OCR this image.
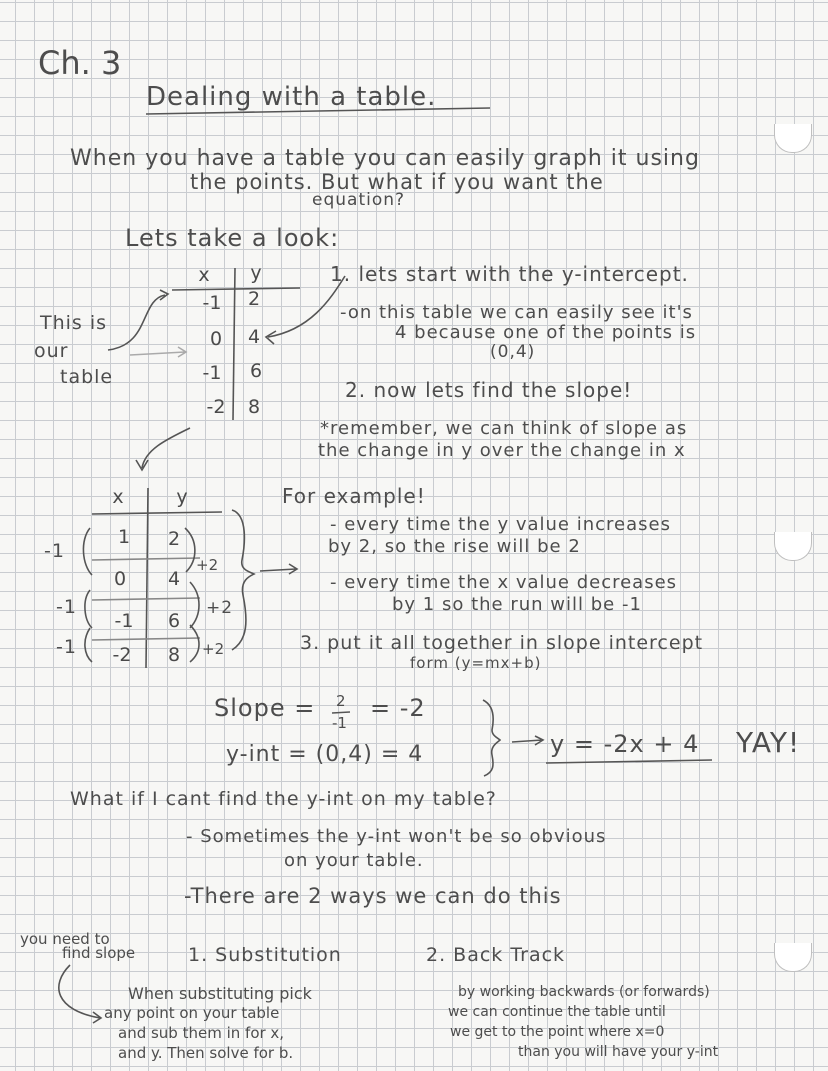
Ch. 3
Dealing with a table.
When you have a table you can easily graph it using
the points. But what if you want the
equation?
Lets take a look:
x	y
-1	2
0	4
-1	6
-2	8
This is
our
table
1. lets start with the y-intercept.
-on this table we can easily see it's
4 because one of the points is
(0,4)
2. now lets find the slope!
*remember, we can think of slope as
the change in y over the change in x
x	y
1	2
0	4
-1	6
-2	8
-1
-1
-1
+2
+2
+2
For example!
- every time the y value increases
by 2, so the rise will be 2
- every time the x value decreases
by 1 so the run will be -1
3. put it all together in slope intercept
form (y=mx+b)
Slope = 2
-1
= -2
y-int = (0,4) = 4	y = -2x + 4 YAY!
What if I cant find the y-int on my table?
- Sometimes the y-int won't be so obvious
on your table.
-There are 2 ways we can do this
you need to
find slope	1. Substitution
When substituting pick
any point on your table
and sub them in for x,
and y. Then solve for b.
2. Back Track
by working backwards (or forwards)
we can continue the table until
we get to the point where x=0
than you will have your y-int
